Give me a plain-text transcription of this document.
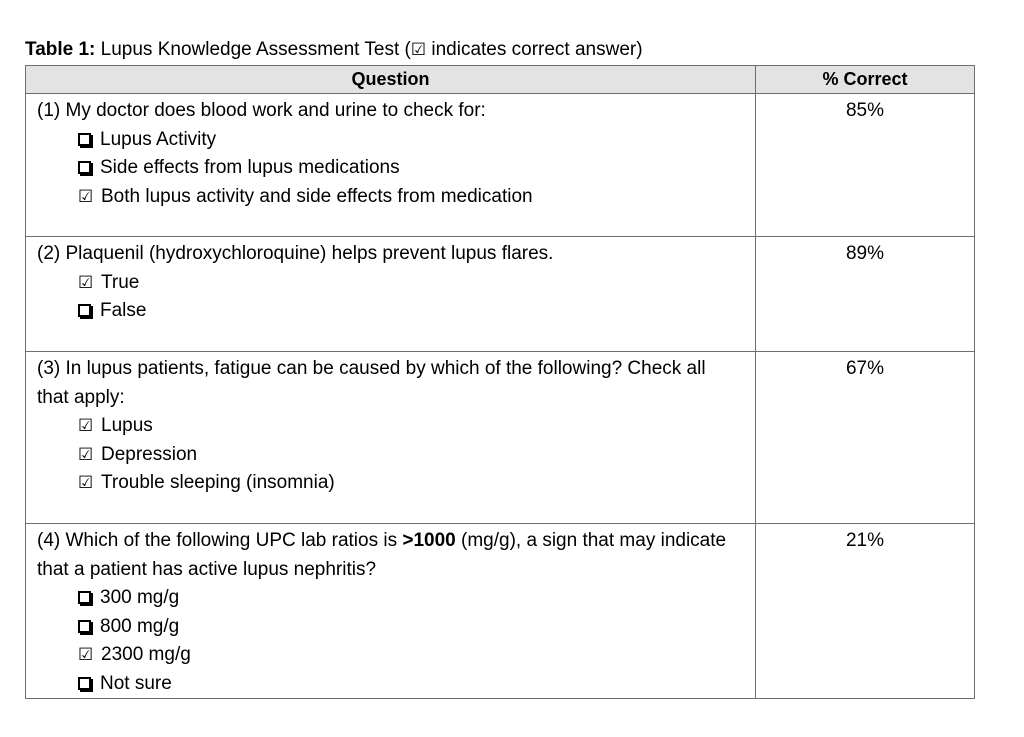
Table 1: Lupus Knowledge Assessment Test (☑ indicates correct answer)
Question	% Correct

(1) My doctor does blood work and urine to check for:
Lupus Activity
Side effects from lupus medications
☑ Both lupus activity and side effects from medication	85%

(2) Plaquenil (hydroxychloroquine) helps prevent lupus flares.
☑ True
False	89%

(3) In lupus patients, fatigue can be caused by which of the following? Check all that apply:
☑ Lupus
☑ Depression
☑ Trouble sleeping (insomnia)	67%

(4) Which of the following UPC lab ratios is >1000 (mg/g), a sign that may indicate that a patient has active lupus nephritis?
300 mg/g
800 mg/g
☑ 2300 mg/g
Not sure	21%
